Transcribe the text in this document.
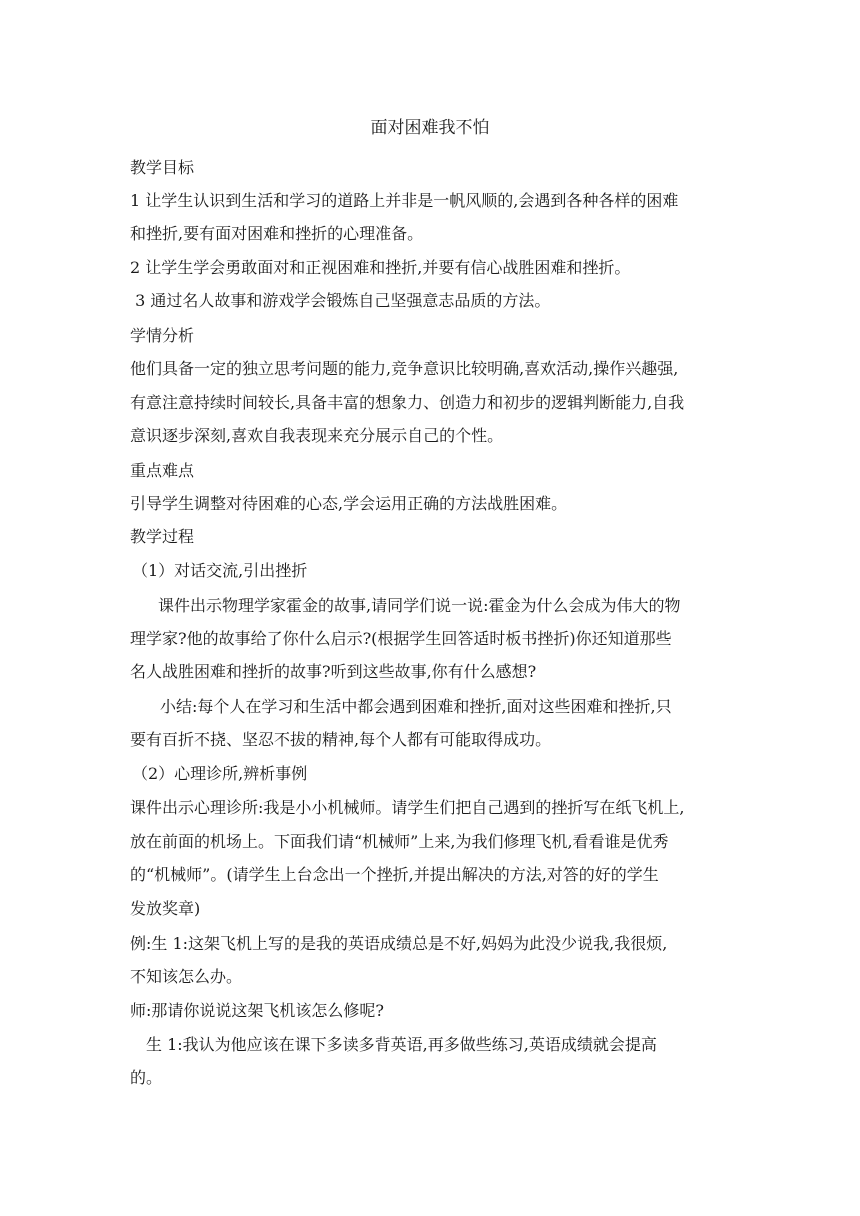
面对困难我不怕
教学目标
1 让学生认识到生活和学习的道路上并非是一帆风顺的,会遇到各种各样的困难
和挫折,要有面对困难和挫折的心理准备。
2 让学生学会勇敢面对和正视困难和挫折,并要有信心战胜困难和挫折。
3 通过名人故事和游戏学会锻炼自己坚强意志品质的方法。
学情分析
他们具备一定的独立思考问题的能力,竞争意识比较明确,喜欢活动,操作兴趣强,
有意注意持续时间较长,具备丰富的想象力、创造力和初步的逻辑判断能力,自我
意识逐步深刻,喜欢自我表现来充分展示自己的个性。
重点难点
引导学生调整对待困难的心态,学会运用正确的方法战胜困难。
教学过程
（1）对话交流,引出挫折
课件出示物理学家霍金的故事,请同学们说一说:霍金为什么会成为伟大的物
理学家?他的故事给了你什么启示?(根据学生回答适时板书挫折)你还知道那些
名人战胜困难和挫折的故事?听到这些故事,你有什么感想?
小结:每个人在学习和生活中都会遇到困难和挫折,面对这些困难和挫折,只
要有百折不挠、坚忍不拔的精神,每个人都有可能取得成功。
（2）心理诊所,辨析事例
课件出示心理诊所:我是小小机械师。请学生们把自己遇到的挫折写在纸飞机上,
放在前面的机场上。下面我们请“机械师”上来,为我们修理飞机,看看谁是优秀
的“机械师”。(请学生上台念出一个挫折,并提出解决的方法,对答的好的学生
发放奖章)
例:生 1:这架飞机上写的是我的英语成绩总是不好,妈妈为此没少说我,我很烦,
不知该怎么办。
师:那请你说说这架飞机该怎么修呢?
生 1:我认为他应该在课下多读多背英语,再多做些练习,英语成绩就会提高
的。
